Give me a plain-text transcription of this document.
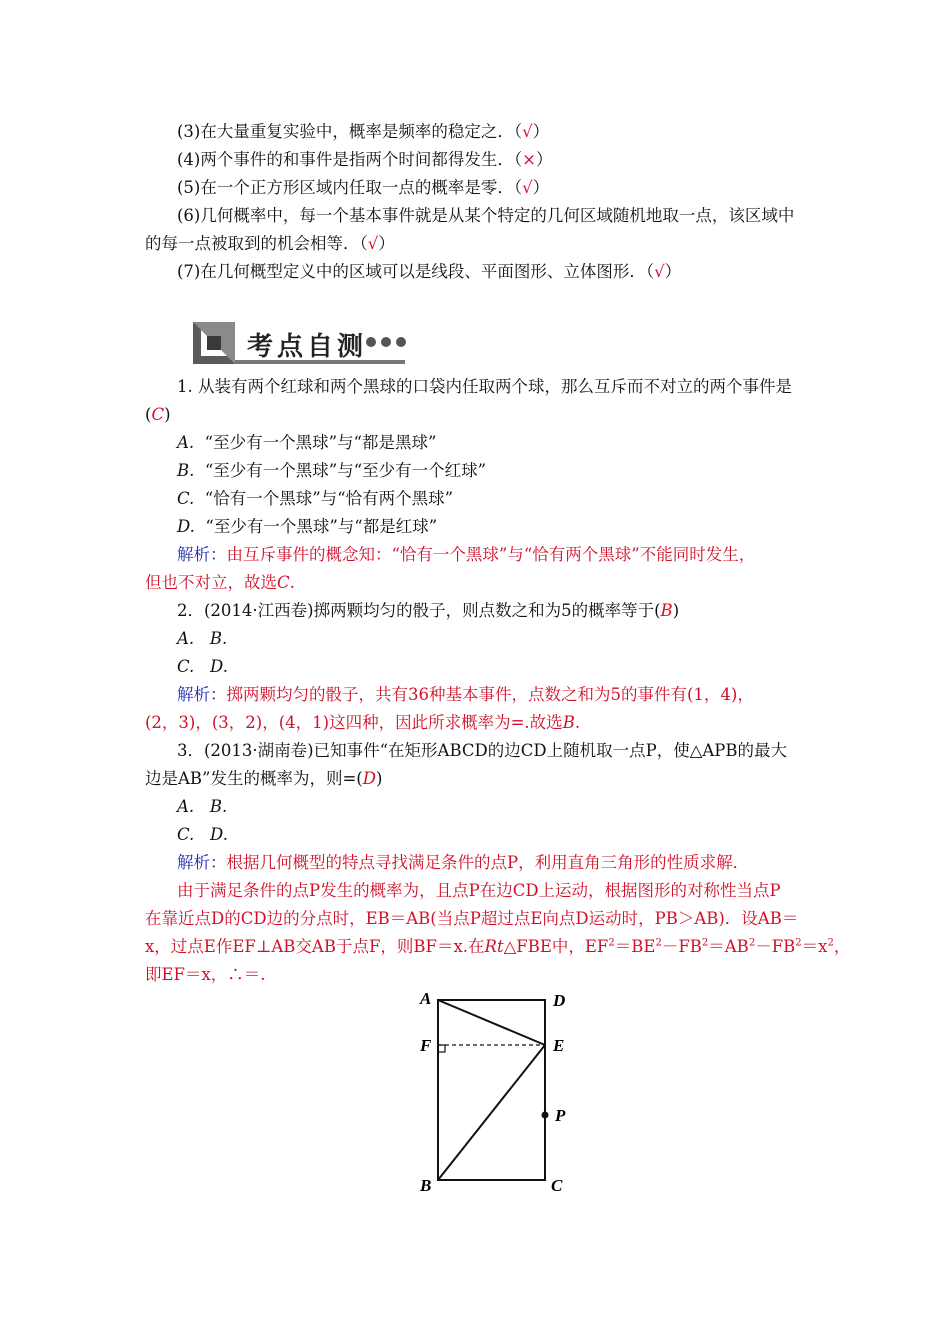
(3)在大量重复实验中，概率是频率的稳定之．（√）
(4)两个事件的和事件是指两个时间都得发生．（×）
(5)在一个正方形区域内任取一点的概率是零．（√）
(6)几何概率中，每一个基本事件就是从某个特定的几何区域随机地取一点，该区域中
的每一点被取到的机会相等．（√）
(7)在几何概型定义中的区域可以是线段、平面图形、立体图形．（√）
考点自测
1. 从装有两个红球和两个黑球的口袋内任取两个球，那么互斥而不对立的两个事件是
(C)
A. “至少有一个黑球”与“都是黑球”
B. “至少有一个黑球”与“至少有一个红球”
C. “恰有一个黑球”与“恰有两个黑球”
D. “至少有一个黑球”与“都是红球”
解析：由互斥事件的概念知：“恰有一个黑球”与“恰有两个黑球”不能同时发生，
但也不对立，故选C.
2．(2014·江西卷)掷两颗均匀的骰子，则点数之和为5的概率等于(B)
A. B.
C. D.
解析：掷两颗均匀的骰子，共有36种基本事件，点数之和为5的事件有(1，4)，
(2，3)，(3，2)，(4，1)这四种，因此所求概率为=.故选B.
3．(2013·湖南卷)已知事件“在矩形ABCD的边CD上随机取一点P，使△APB的最大
边是AB”发生的概率为，则=(D)
A. B.
C. D.
解析：根据几何概型的特点寻找满足条件的点P，利用直角三角形的性质求解．
由于满足条件的点P发生的概率为，且点P在边CD上运动，根据图形的对称性当点P
在靠近点D的CD边的分点时，EB＝AB(当点P超过点E向点D运动时，PB＞AB)．设AB＝
x，过点E作EF⊥AB交AB于点F，则BF＝x.在Rt△FBE中，$EF^2=BE^2-FB^2=AB^2-FB^2=x^2$，
即EF＝x，∴＝.
A	D
F	E
P
B	C
